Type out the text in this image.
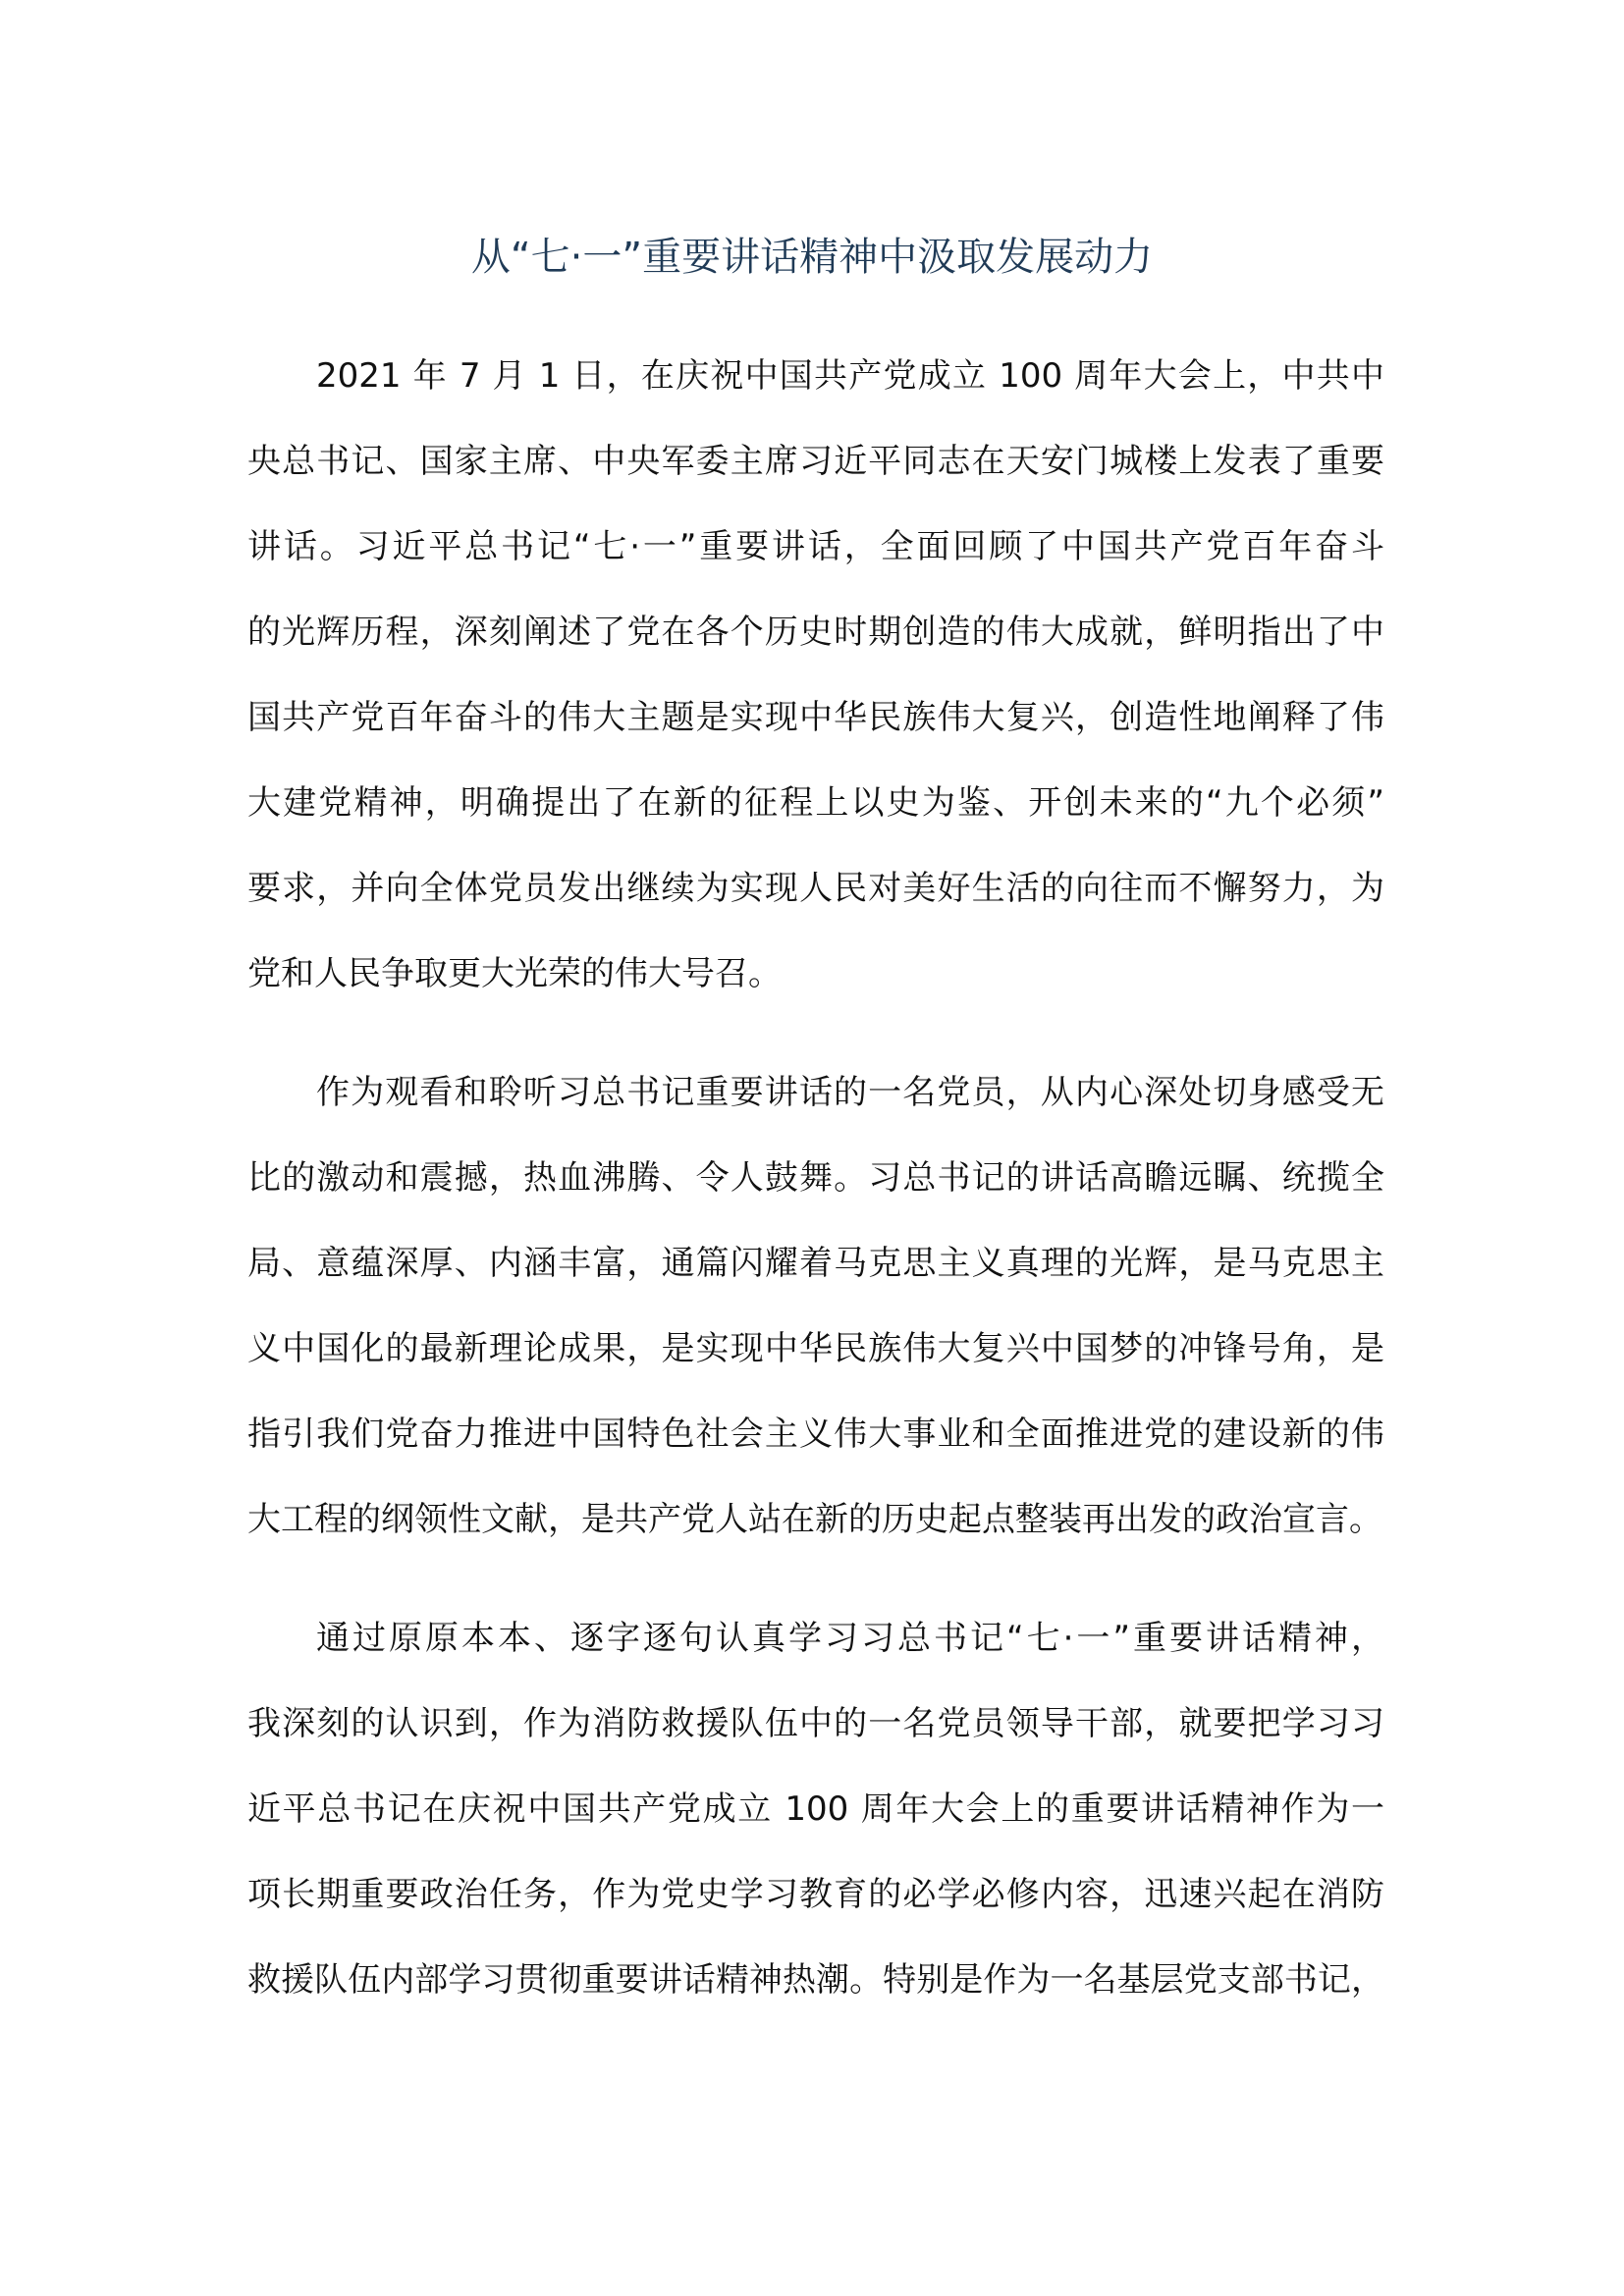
从“七·一”重要讲话精神中汲取发展动力
2021 年 7 月 1 日，在庆祝中国共产党成立 100 周年大会上，中共中
央总书记、国家主席、中央军委主席习近平同志在天安门城楼上发表了重要
讲话。习近平总书记“七·一”重要讲话，全面回顾了中国共产党百年奋斗
的光辉历程，深刻阐述了党在各个历史时期创造的伟大成就，鲜明指出了中
国共产党百年奋斗的伟大主题是实现中华民族伟大复兴，创造性地阐释了伟
大建党精神，明确提出了在新的征程上以史为鉴、开创未来的“九个必须”
要求，并向全体党员发出继续为实现人民对美好生活的向往而不懈努力，为
党和人民争取更大光荣的伟大号召。
作为观看和聆听习总书记重要讲话的一名党员，从内心深处切身感受无
比的激动和震撼，热血沸腾、令人鼓舞。习总书记的讲话高瞻远瞩、统揽全
局、意蕴深厚、内涵丰富，通篇闪耀着马克思主义真理的光辉，是马克思主
义中国化的最新理论成果，是实现中华民族伟大复兴中国梦的冲锋号角，是
指引我们党奋力推进中国特色社会主义伟大事业和全面推进党的建设新的伟
大工程的纲领性文献，是共产党人站在新的历史起点整装再出发的政治宣言。
通过原原本本、逐字逐句认真学习习总书记“七·一”重要讲话精神，
我深刻的认识到，作为消防救援队伍中的一名党员领导干部，就要把学习习
近平总书记在庆祝中国共产党成立 100 周年大会上的重要讲话精神作为一
项长期重要政治任务，作为党史学习教育的必学必修内容，迅速兴起在消防
救援队伍内部学习贯彻重要讲话精神热潮。特别是作为一名基层党支部书记，
